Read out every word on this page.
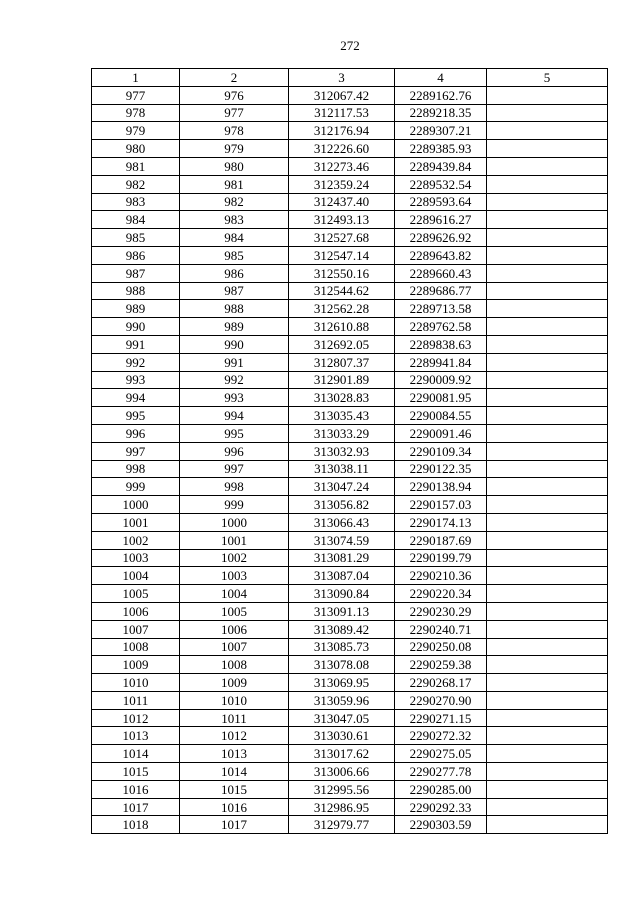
272
1	2	3	4	5
977	976	312067.42	2289162.76	
978	977	312117.53	2289218.35	
979	978	312176.94	2289307.21	
980	979	312226.60	2289385.93	
981	980	312273.46	2289439.84	
982	981	312359.24	2289532.54	
983	982	312437.40	2289593.64	
984	983	312493.13	2289616.27	
985	984	312527.68	2289626.92	
986	985	312547.14	2289643.82	
987	986	312550.16	2289660.43	
988	987	312544.62	2289686.77	
989	988	312562.28	2289713.58	
990	989	312610.88	2289762.58	
991	990	312692.05	2289838.63	
992	991	312807.37	2289941.84	
993	992	312901.89	2290009.92	
994	993	313028.83	2290081.95	
995	994	313035.43	2290084.55	
996	995	313033.29	2290091.46	
997	996	313032.93	2290109.34	
998	997	313038.11	2290122.35	
999	998	313047.24	2290138.94	
1000	999	313056.82	2290157.03	
1001	1000	313066.43	2290174.13	
1002	1001	313074.59	2290187.69	
1003	1002	313081.29	2290199.79	
1004	1003	313087.04	2290210.36	
1005	1004	313090.84	2290220.34	
1006	1005	313091.13	2290230.29	
1007	1006	313089.42	2290240.71	
1008	1007	313085.73	2290250.08	
1009	1008	313078.08	2290259.38	
1010	1009	313069.95	2290268.17	
1011	1010	313059.96	2290270.90	
1012	1011	313047.05	2290271.15	
1013	1012	313030.61	2290272.32	
1014	1013	313017.62	2290275.05	
1015	1014	313006.66	2290277.78	
1016	1015	312995.56	2290285.00	
1017	1016	312986.95	2290292.33	
1018	1017	312979.77	2290303.59	
